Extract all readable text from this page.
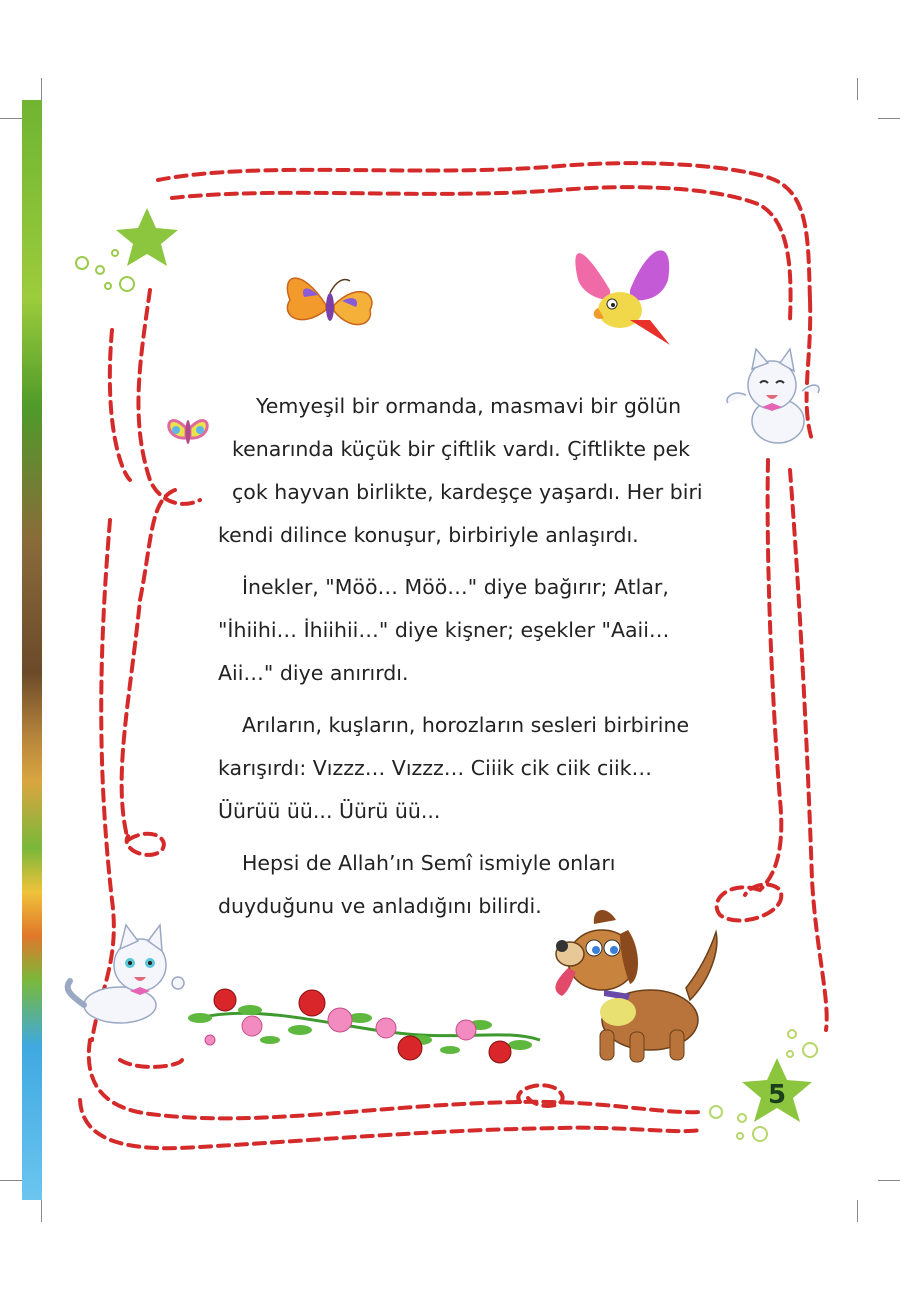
Yemyeşil bir ormanda, masmavi bir gölün
kenarında küçük bir çiftlik vardı. Çiftlikte pek
çok hayvan birlikte, kardeşçe yaşardı. Her biri
kendi dilince konuşur, birbiriyle anlaşırdı.

İnekler, "Möö… Möö…" diye bağırır; Atlar,
"İhiihi… İhiihii…" diye kişner; eşekler "Aaii…
Aii…" diye anırırdı.

Arıların, kuşların, horozların sesleri birbirine
karışırdı: Vızzz… Vızzz… Ciiik cik ciik ciik…
Üürüü üü... Üürü üü...

Hepsi de Allah’ın Semî ismiyle onları
duyduğunu ve anladığını bilirdi.

5
